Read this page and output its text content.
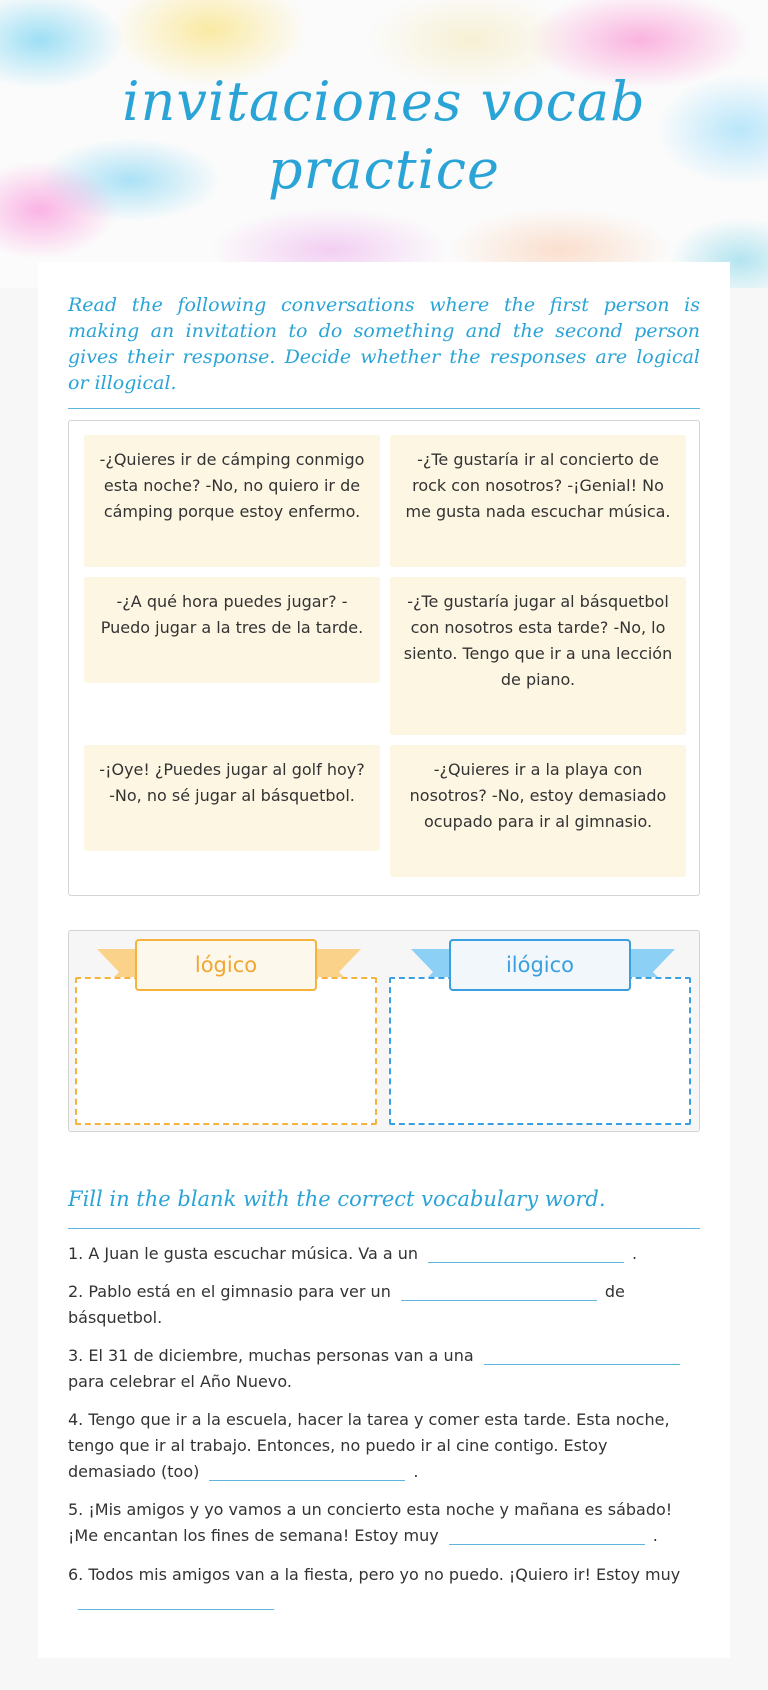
invitaciones vocab practice
Read the following conversations where the first person is making an invitation to do something and the second person gives their response. Decide whether the responses are logical or illogical.
-¿Quieres ir de cámping conmigo esta noche? -No, no quiero ir de cámping porque estoy enfermo.
-¿Te gustaría ir al concierto de rock con nosotros? -¡Genial! No me gusta nada escuchar música.
-¿A qué hora puedes jugar? -Puedo jugar a la tres de la tarde.
-¿Te gustaría jugar al básquetbol con nosotros esta tarde? -No, lo siento. Tengo que ir a una lección de piano.
-¡Oye! ¿Puedes jugar al golf hoy? -No, no sé jugar al básquetbol.
-¿Quieres ir a la playa con nosotros? -No, estoy demasiado ocupado para ir al gimnasio.
lógico	ilógico
Fill in the blank with the correct vocabulary word.
1. A Juan le gusta escuchar música. Va a un	.
2. Pablo está en el gimnasio para ver un	de básquetbol.
3. El 31 de diciembre, muchas personas van a unapara celebrar el Año Nuevo.
4. Tengo que ir a la escuela, hacer la tarea y comer esta tarde. Esta noche, tengo que ir al trabajo. Entonces, no puedo ir al cine contigo. Estoy demasiado (too)	.
5. ¡Mis amigos y yo vamos a un concierto esta noche y mañana es sábado! ¡Me encantan los fines de semana! Estoy muy	.
6. Todos mis amigos van a la fiesta, pero yo no puedo. ¡Quiero ir! Estoy muy
